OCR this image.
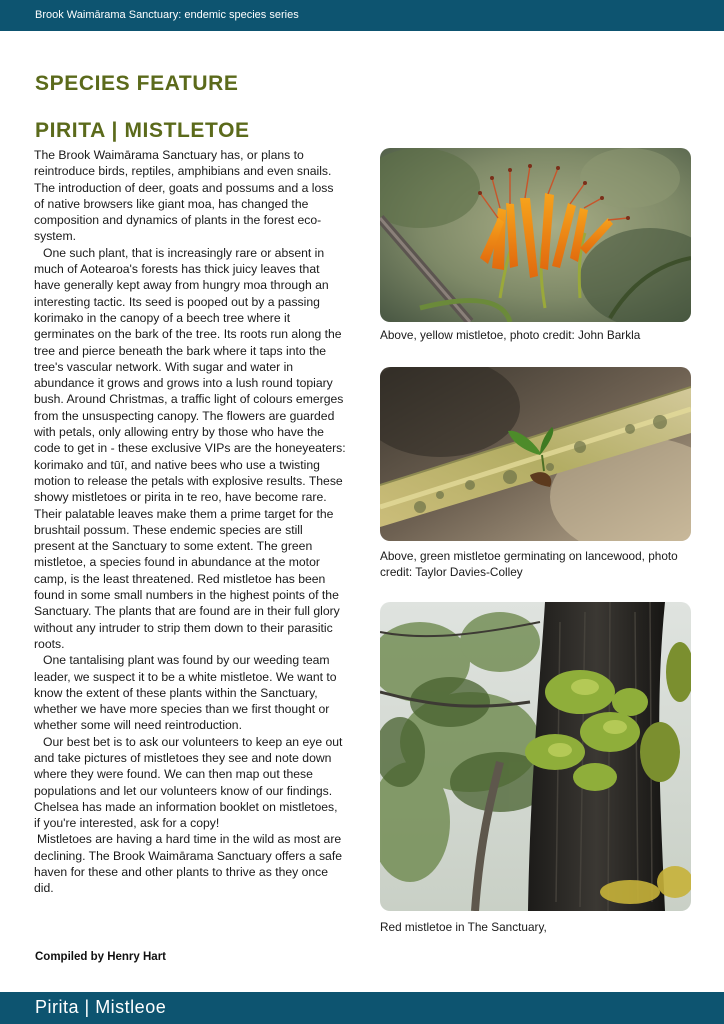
Brook Waimārama Sanctuary: endemic species series
SPECIES FEATURE
PIRITA | MISTLETOE

The Brook Waimārama Sanctuary has, or plans to reintroduce birds, reptiles, amphibians and even snails. The introduction of deer, goats and possums and a loss of native browsers like giant moa, has changed the composition and dynamics of plants in the forest eco-system.

One such plant, that is increasingly rare or absent in much of Aotearoa's forests has thick juicy leaves that have generally kept away from hungry moa through an interesting tactic. Its seed is pooped out by a passing korimako in the canopy of a beech tree where it germinates on the bark of the tree. Its roots run along the tree and pierce beneath the bark where it taps into the tree's vascular network. With sugar and water in abundance it grows and grows into a lush round topiary bush. Around Christmas, a traffic light of colours emerges from the unsuspecting canopy. The flowers are guarded with petals, only allowing entry by those who have the code to get in - these exclusive VIPs are the honeyeaters: korimako and tūī, and native bees who use a twisting motion to release the petals with explosive results. These showy mistletoes or pirita in te reo, have become rare. Their palatable leaves make them a prime target for the brushtail possum. These endemic species are still present at the Sanctuary to some extent. The green mistletoe, a species found in abundance at the motor camp, is the least threatened. Red mistletoe has been found in some small numbers in the highest points of the Sanctuary. The plants that are found are in their full glory without any intruder to strip them down to their parasitic roots.

One tantalising plant was found by our weeding team leader, we suspect it to be a white mistletoe. We want to know the extent of these plants within the Sanctuary, whether we have more species than we first thought or whether some will need reintroduction.

Our best bet is to ask our volunteers to keep an eye out and take pictures of mistletoes they see and note down where they were found. We can then map out these populations and let our volunteers know of our findings. Chelsea has made an information booklet on mistletoes, if you're interested, ask for a copy!

Mistletoes are having a hard time in the wild as most are declining. The Brook Waimārama Sanctuary offers a safe haven for these and other plants to thrive as they once did.

Compiled by Henry Hart
Above, yellow mistletoe, photo credit: John Barkla
Above, green mistletoe germinating on lancewood, photo credit: Taylor Davies-Colley
Red mistletoe in The Sanctuary,
Pirita | Mistleoe
